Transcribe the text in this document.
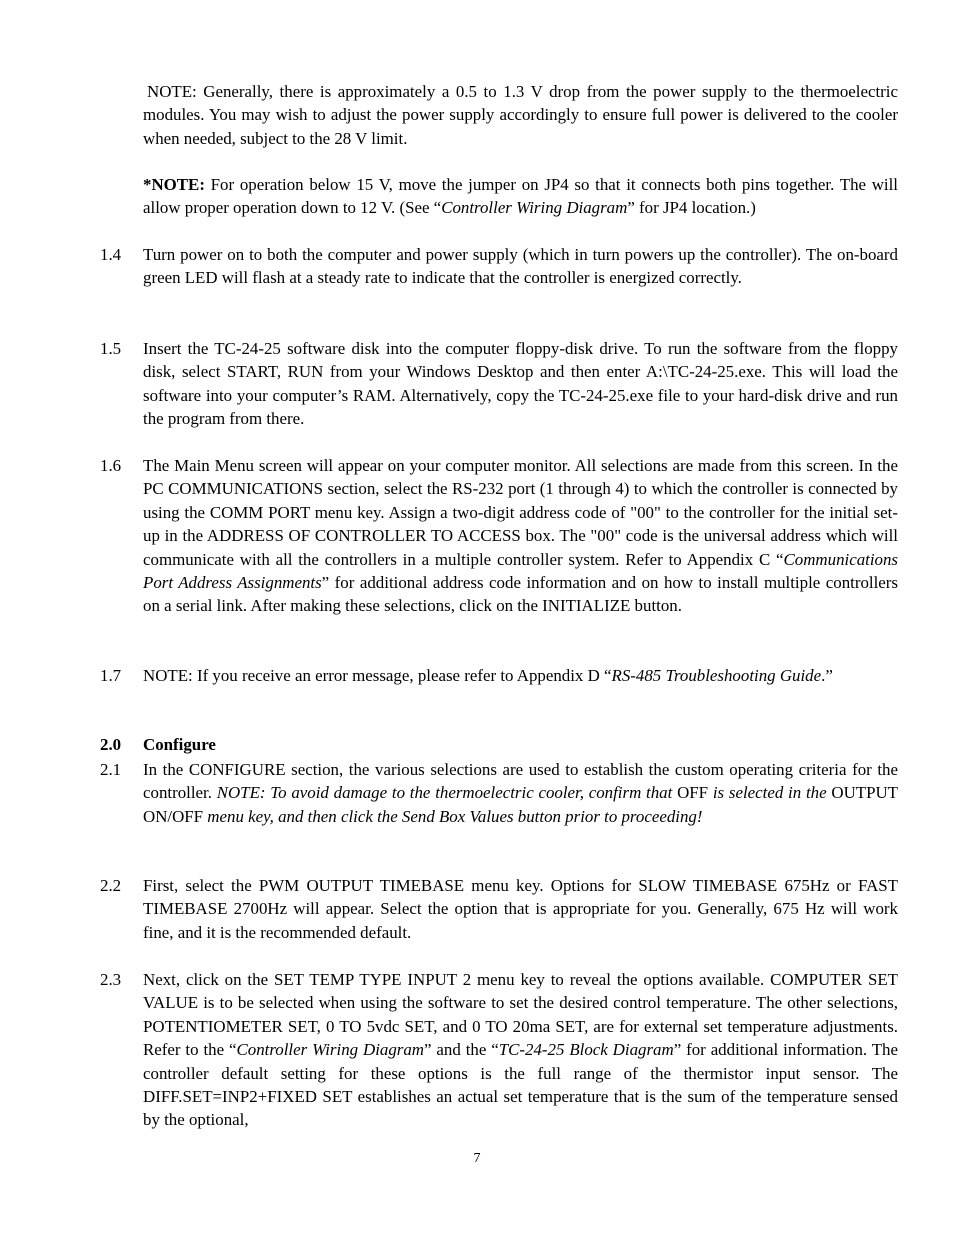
NOTE: Generally, there is approximately a 0.5 to 1.3 V drop from the power supply to the thermoelectric modules. You may wish to adjust the power supply accordingly to ensure full power is delivered to the cooler when needed, subject to the 28 V limit.

*NOTE: For operation below 15 V, move the jumper on JP4 so that it connects both pins together. The will allow proper operation down to 12 V. (See “Controller Wiring Diagram” for JP4 location.)

1.4	Turn power on to both the computer and power supply (which in turn powers up the controller). The on-board green LED will flash at a steady rate to indicate that the controller is energized correctly.
1.5	Insert the TC-24-25 software disk into the computer floppy-disk drive. To run the software from the floppy disk, select START, RUN from your Windows Desktop and then enter A:\TC-24-25.exe. This will load the software into your computer’s RAM. Alternatively, copy the TC-24-25.exe file to your hard-disk drive and run the program from there.
1.6	The Main Menu screen will appear on your computer monitor. All selections are made from this screen. In the PC COMMUNICATIONS section, select the RS-232 port (1 through 4) to which the controller is connected by using the COMM PORT menu key. Assign a two-digit address code of "00" to the controller for the initial set-up in the ADDRESS OF CONTROLLER TO ACCESS box. The "00" code is the universal address which will communicate with all the controllers in a multiple controller system. Refer to Appendix C “Communications Port Address Assignments” for additional address code information and on how to install multiple controllers on a serial link. After making these selections, click on the INITIALIZE button.
1.7	NOTE: If you receive an error message, please refer to Appendix D “RS-485 Troubleshooting Guide.”
2.0 Configure
2.1	In the CONFIGURE section, the various selections are used to establish the custom operating criteria for the controller. NOTE: To avoid damage to the thermoelectric cooler, confirm that OFF is selected in the OUTPUT ON/OFF menu key, and then click the Send Box Values button prior to proceeding!
2.2	First, select the PWM OUTPUT TIMEBASE menu key. Options for SLOW TIMEBASE 675Hz or FAST TIMEBASE 2700Hz will appear. Select the option that is appropriate for you. Generally, 675 Hz will work fine, and it is the recommended default.
2.3	Next, click on the SET TEMP TYPE INPUT 2 menu key to reveal the options available. COMPUTER SET VALUE is to be selected when using the software to set the desired control temperature. The other selections, POTENTIOMETER SET, 0 TO 5vdc SET, and 0 TO 20ma SET, are for external set temperature adjustments. Refer to the “Controller Wiring Diagram” and the “TC-24-25 Block Diagram” for additional information. The controller default setting for these options is the full range of the thermistor input sensor. The DIFF.SET=INP2+FIXED SET establishes an actual set temperature that is the sum of the temperature sensed by the optional,
7
